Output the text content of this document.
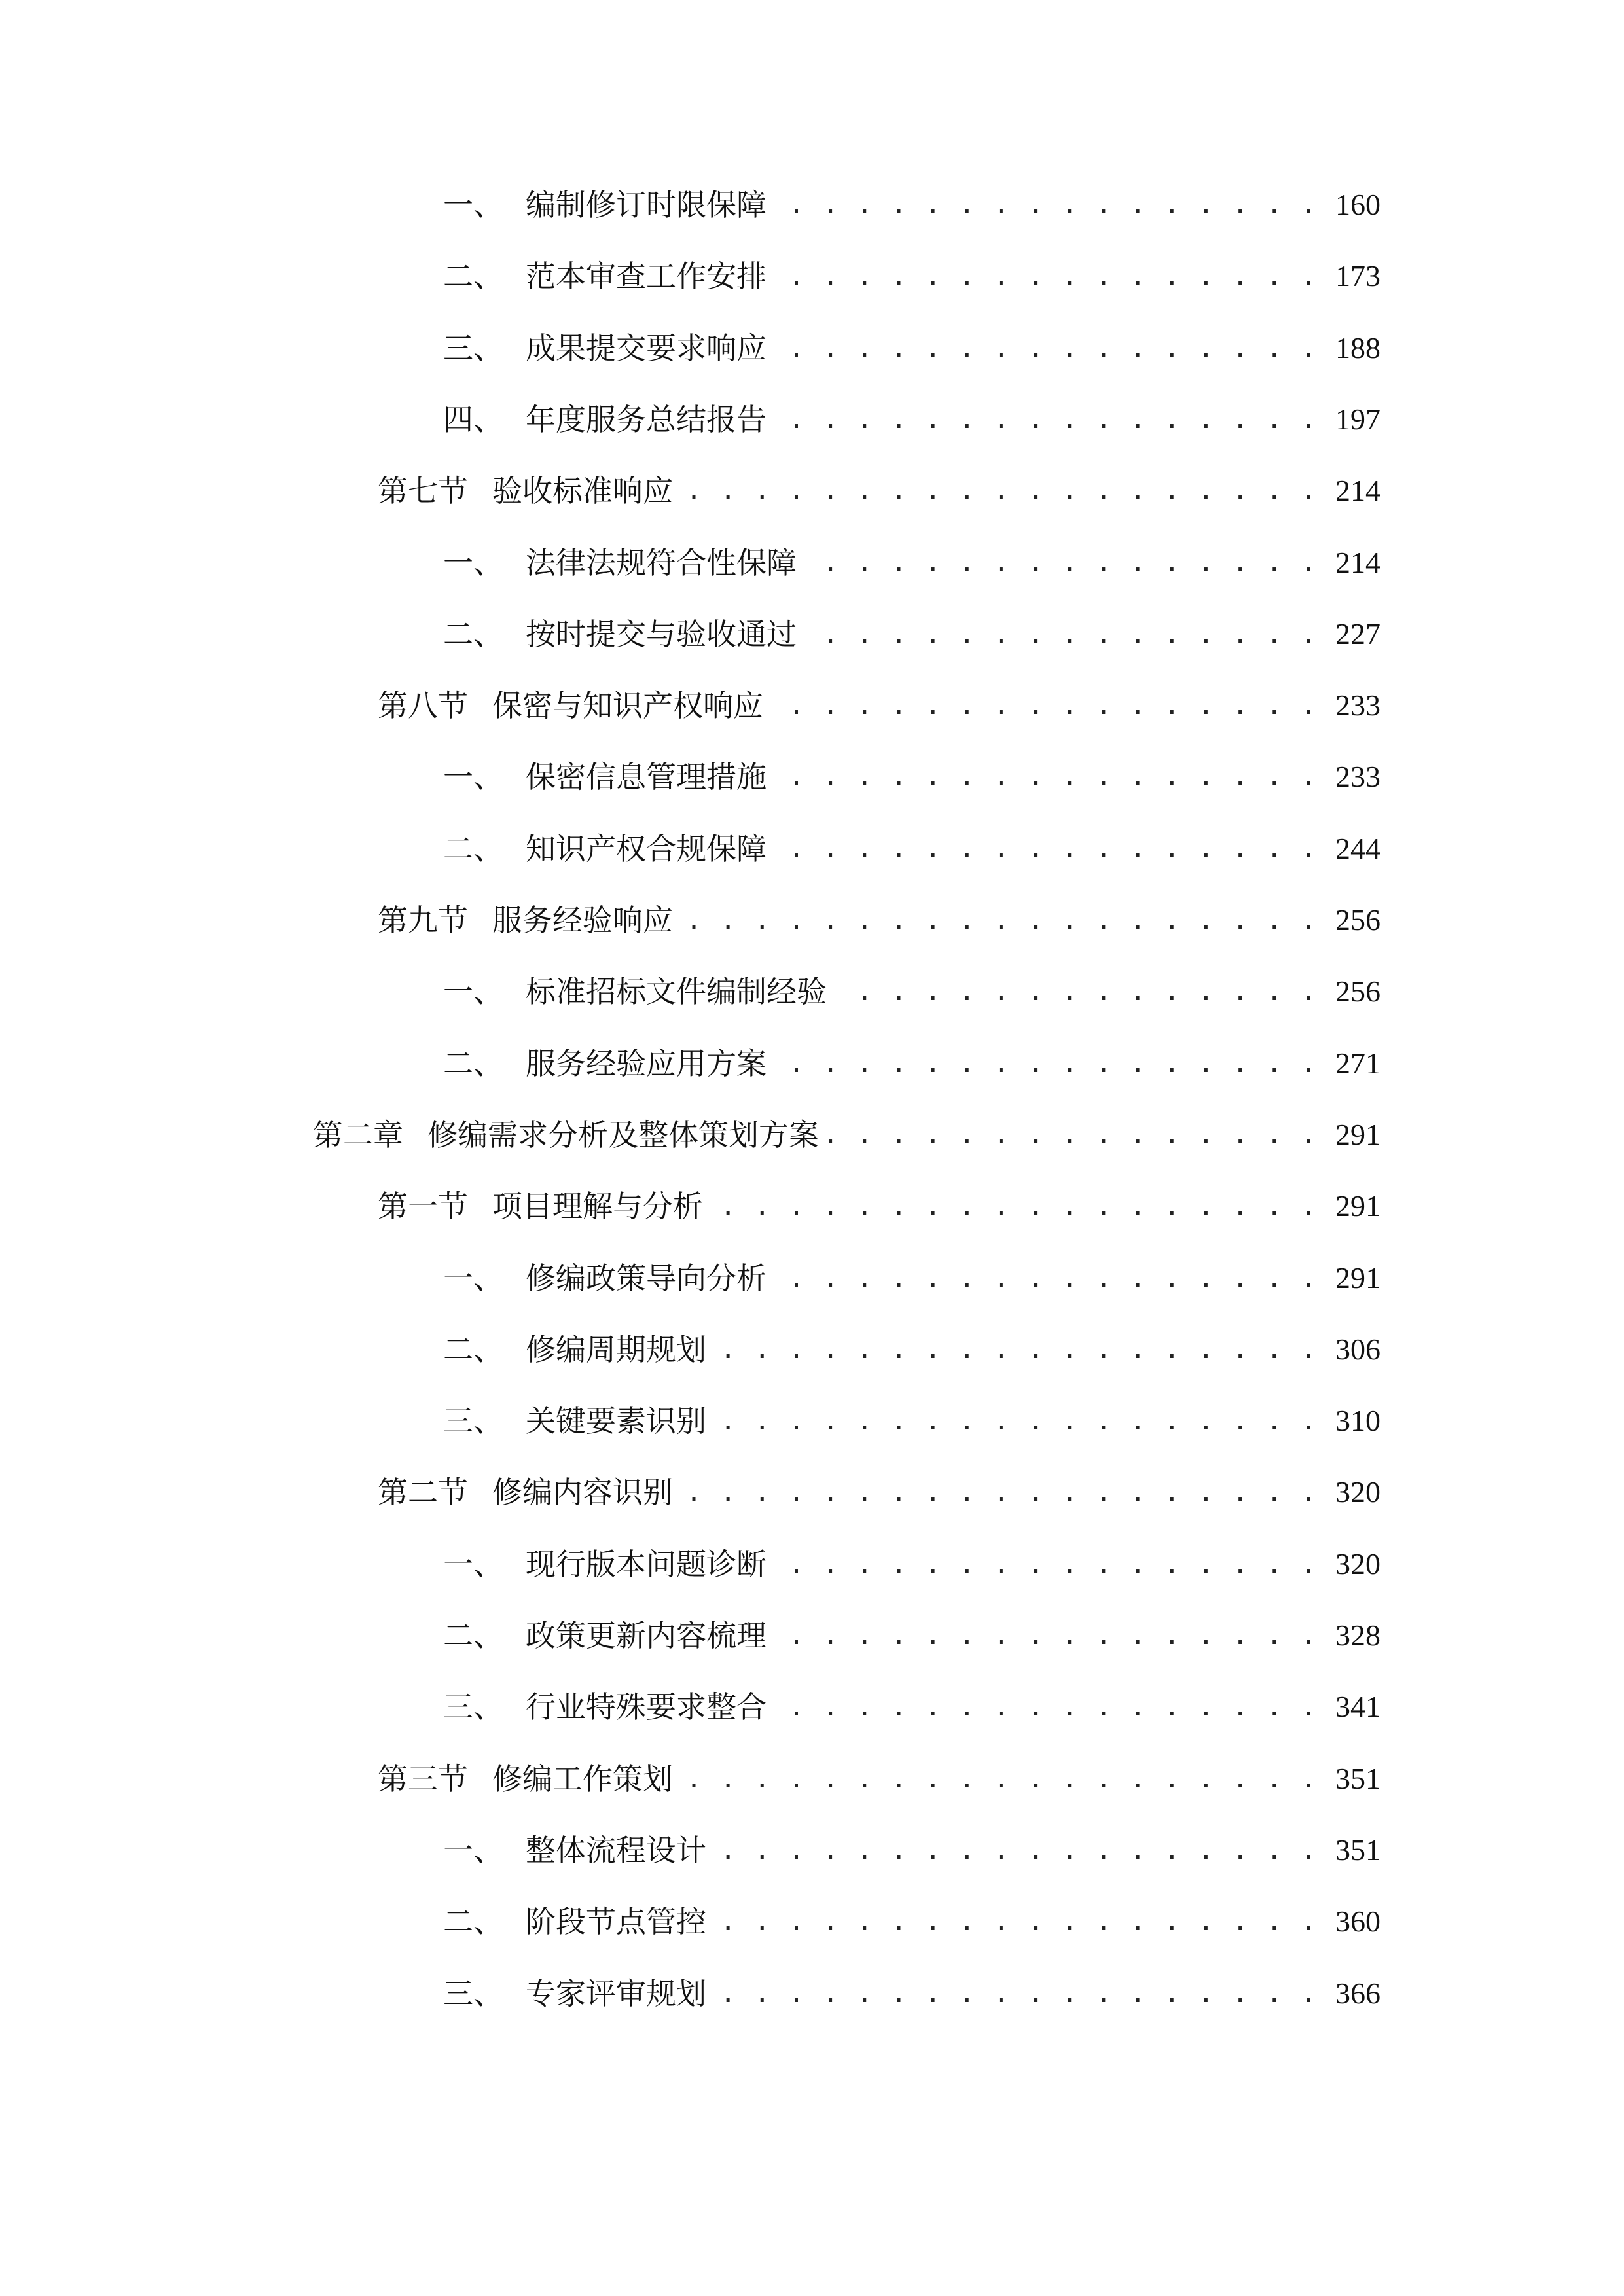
一、 编制修订时限保障 . . .	160
二、 范本审查工作安排 . . .	173
三、 成果提交要求响应 . . .	188
四、 年度服务总结报告 . . .	197
第七节 验收标准响应 . . .	214
一、 法律法规符合性保障 . . .	214
二、 按时提交与验收通过 . . .	227
第八节 保密与知识产权响应 . . .	233
一、 保密信息管理措施 . . .	233
二、 知识产权合规保障 . . .	244
第九节 服务经验响应 . . .	256
一、 标准招标文件编制经验 . . .	256
二、 服务经验应用方案 . . .	271
第二章 修编需求分析及整体策划方案 . . .	291
第一节 项目理解与分析 . . .	291
一、 修编政策导向分析 . . .	291
二、 修编周期规划 . . .	306
三、 关键要素识别 . . .	310
第二节 修编内容识别 . . .	320
一、 现行版本问题诊断 . . .	320
二、 政策更新内容梳理 . . .	328
三、 行业特殊要求整合 . . .	341
第三节 修编工作策划 . . .	351
一、 整体流程设计 . . .	351
二、 阶段节点管控 . . .	360
三、 专家评审规划 . . .	366
